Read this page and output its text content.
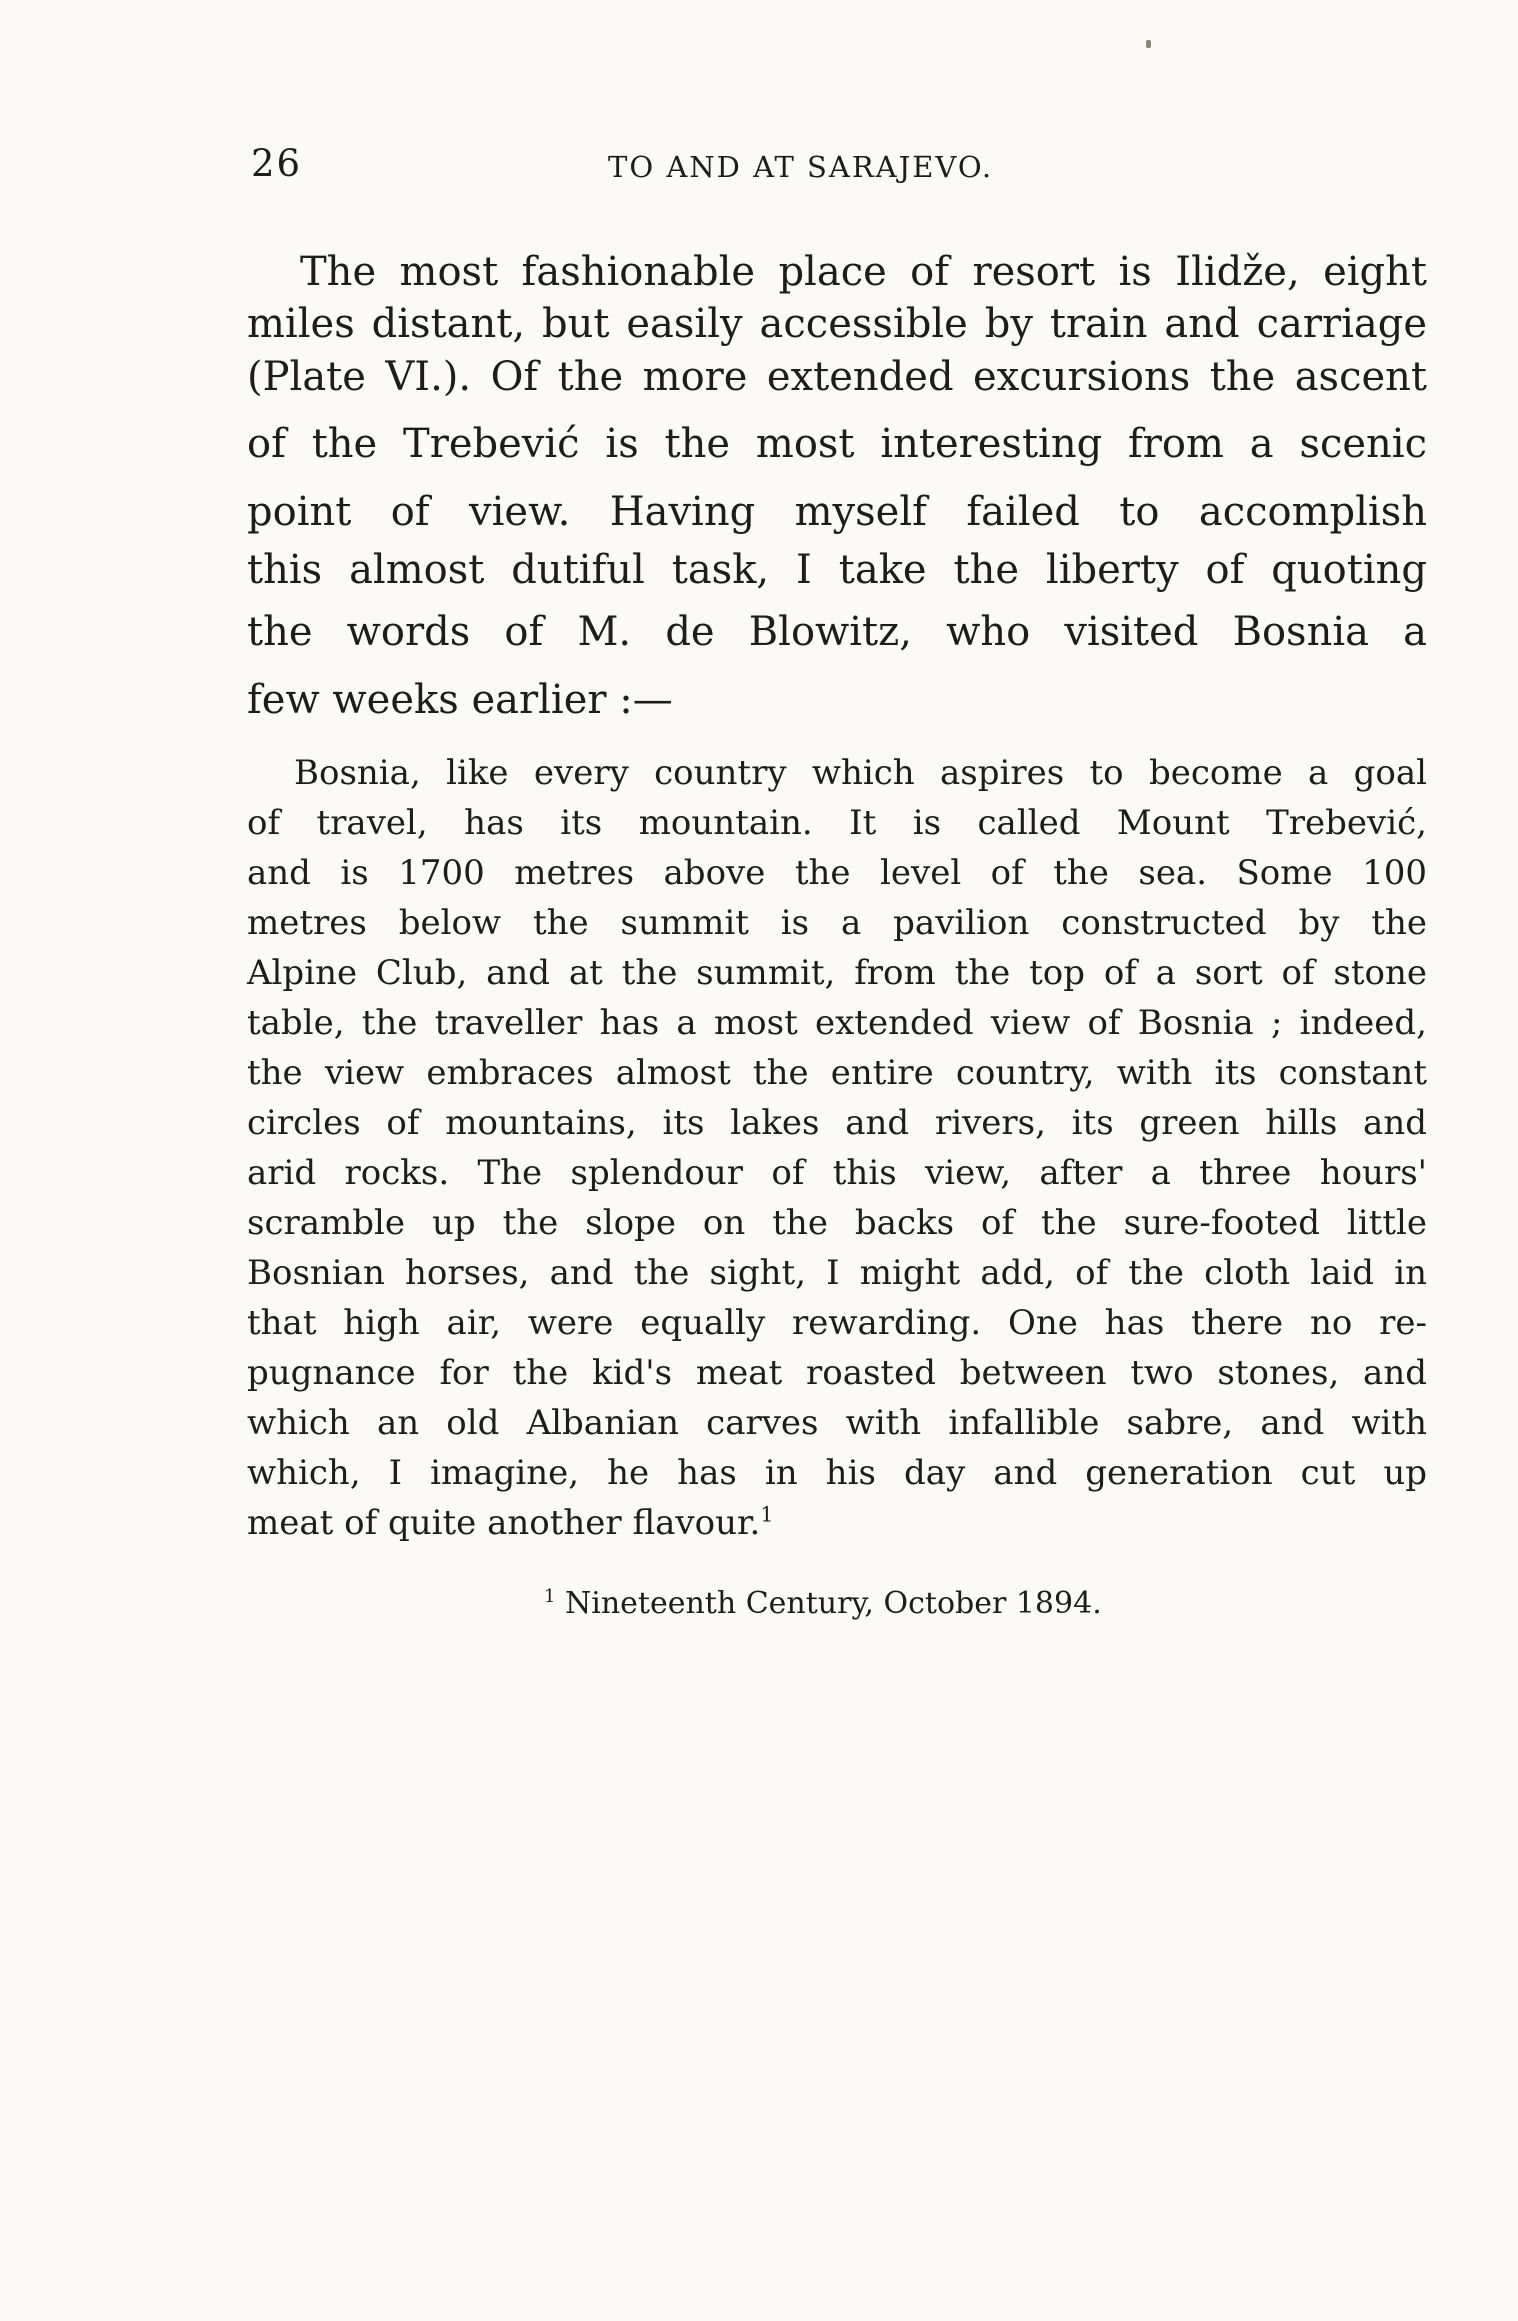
26	TO AND AT SARAJEVO.
The most fashionable place of resort is Ilidže, eight
miles distant, but easily accessible by train and carriage
(Plate VI.). Of the more extended excursions the ascent
of the Trebević is the most interesting from a scenic
point of view. Having myself failed to accomplish
this almost dutiful task, I take the liberty of quoting
the words of M. de Blowitz, who visited Bosnia a
few weeks earlier :—
Bosnia, like every country which aspires to become a goal
of travel, has its mountain. It is called Mount Trebević,
and is 1700 metres above the level of the sea. Some 100
metres below the summit is a pavilion constructed by the
Alpine Club, and at the summit, from the top of a sort of stone
table, the traveller has a most extended view of Bosnia ; indeed,
the view embraces almost the entire country, with its constant
circles of mountains, its lakes and rivers, its green hills and
arid rocks. The splendour of this view, after a three hours'
scramble up the slope on the backs of the sure-footed little
Bosnian horses, and the sight, I might add, of the cloth laid in
that high air, were equally rewarding. One has there no re-
pugnance for the kid's meat roasted between two stones, and
which an old Albanian carves with infallible sabre, and with
which, I imagine, he has in his day and generation cut up
meat of quite another flavour.$^1$
$^1$ Nineteenth Century, October 1894.
